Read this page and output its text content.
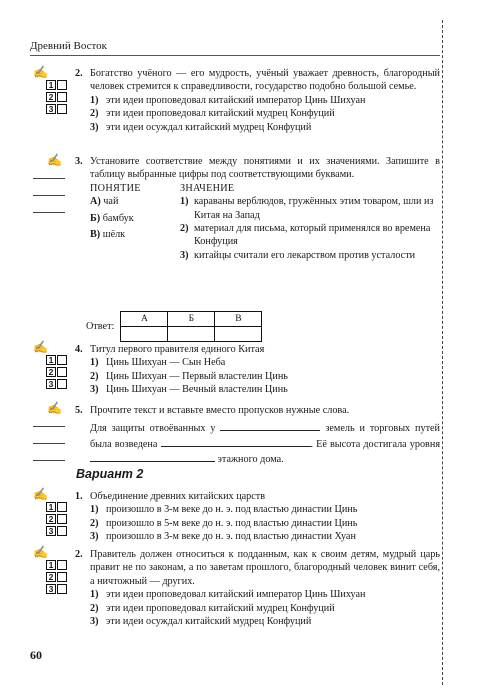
Древний Восток
✍
1
2
3
2. Богатство учёного — его мудрость, учёный уважает древность, благородный человек стремится к справедливости, государство подобно большой семье.
1) эти идеи проповедовал китайский император Цинь Шихуан
2) эти идеи проповедовал китайский мудрец Конфуций
3) эти идеи осуждал китайский мудрец Конфуций
✍ 3. Установите соответствие между понятиями и их значениями. Запишите в таблицу выбранные цифры под соответствующими буквами.
ПОНЯТИЕ
А) чай
Б) бамбук
В) шёлк
ЗНАЧЕНИЕ
1) караваны верблюдов, гружённых этим товаром, шли из Китая на Запад
2) материал для письма, который применялся во времена Конфуция
3) китайцы считали его лекарством против усталости
Ответ:
А	Б	В

✍
1
2
3
4. Титул первого правителя единого Китая
1) Цинь Шихуан — Сын Неба
2) Цинь Шихуан — Первый властелин Цинь
3) Цинь Шихуан — Вечный властелин Цинь
✍ 5. Прочтите текст и вставьте вместо пропусков нужные слова.
Для защиты отвоёванных у	земель и торговых путей была возведена	. Её высота достигала уровня  этажного дома.
Вариант 2
✍
1
2
3
1. Объединение древних китайских царств
1) произошло в 3-м веке до н. э. под властью династии Цинь
2) произошло в 5-м веке до н. э. под властью династии Цинь
3) произошло в 3-м веке до н. э. под властью династии Хуан
✍
1
2
3
2. Правитель должен относиться к подданным, как к своим детям, мудрый царь правит не по законам, а по заветам прошлого, благородный человек винит себя, а ничтожный — других.
1) эти идеи проповедовал китайский император Цинь Шихуан
2) эти идеи проповедовал китайский мудрец Конфуций
3) эти идеи осуждал китайский мудрец Конфуций
60
